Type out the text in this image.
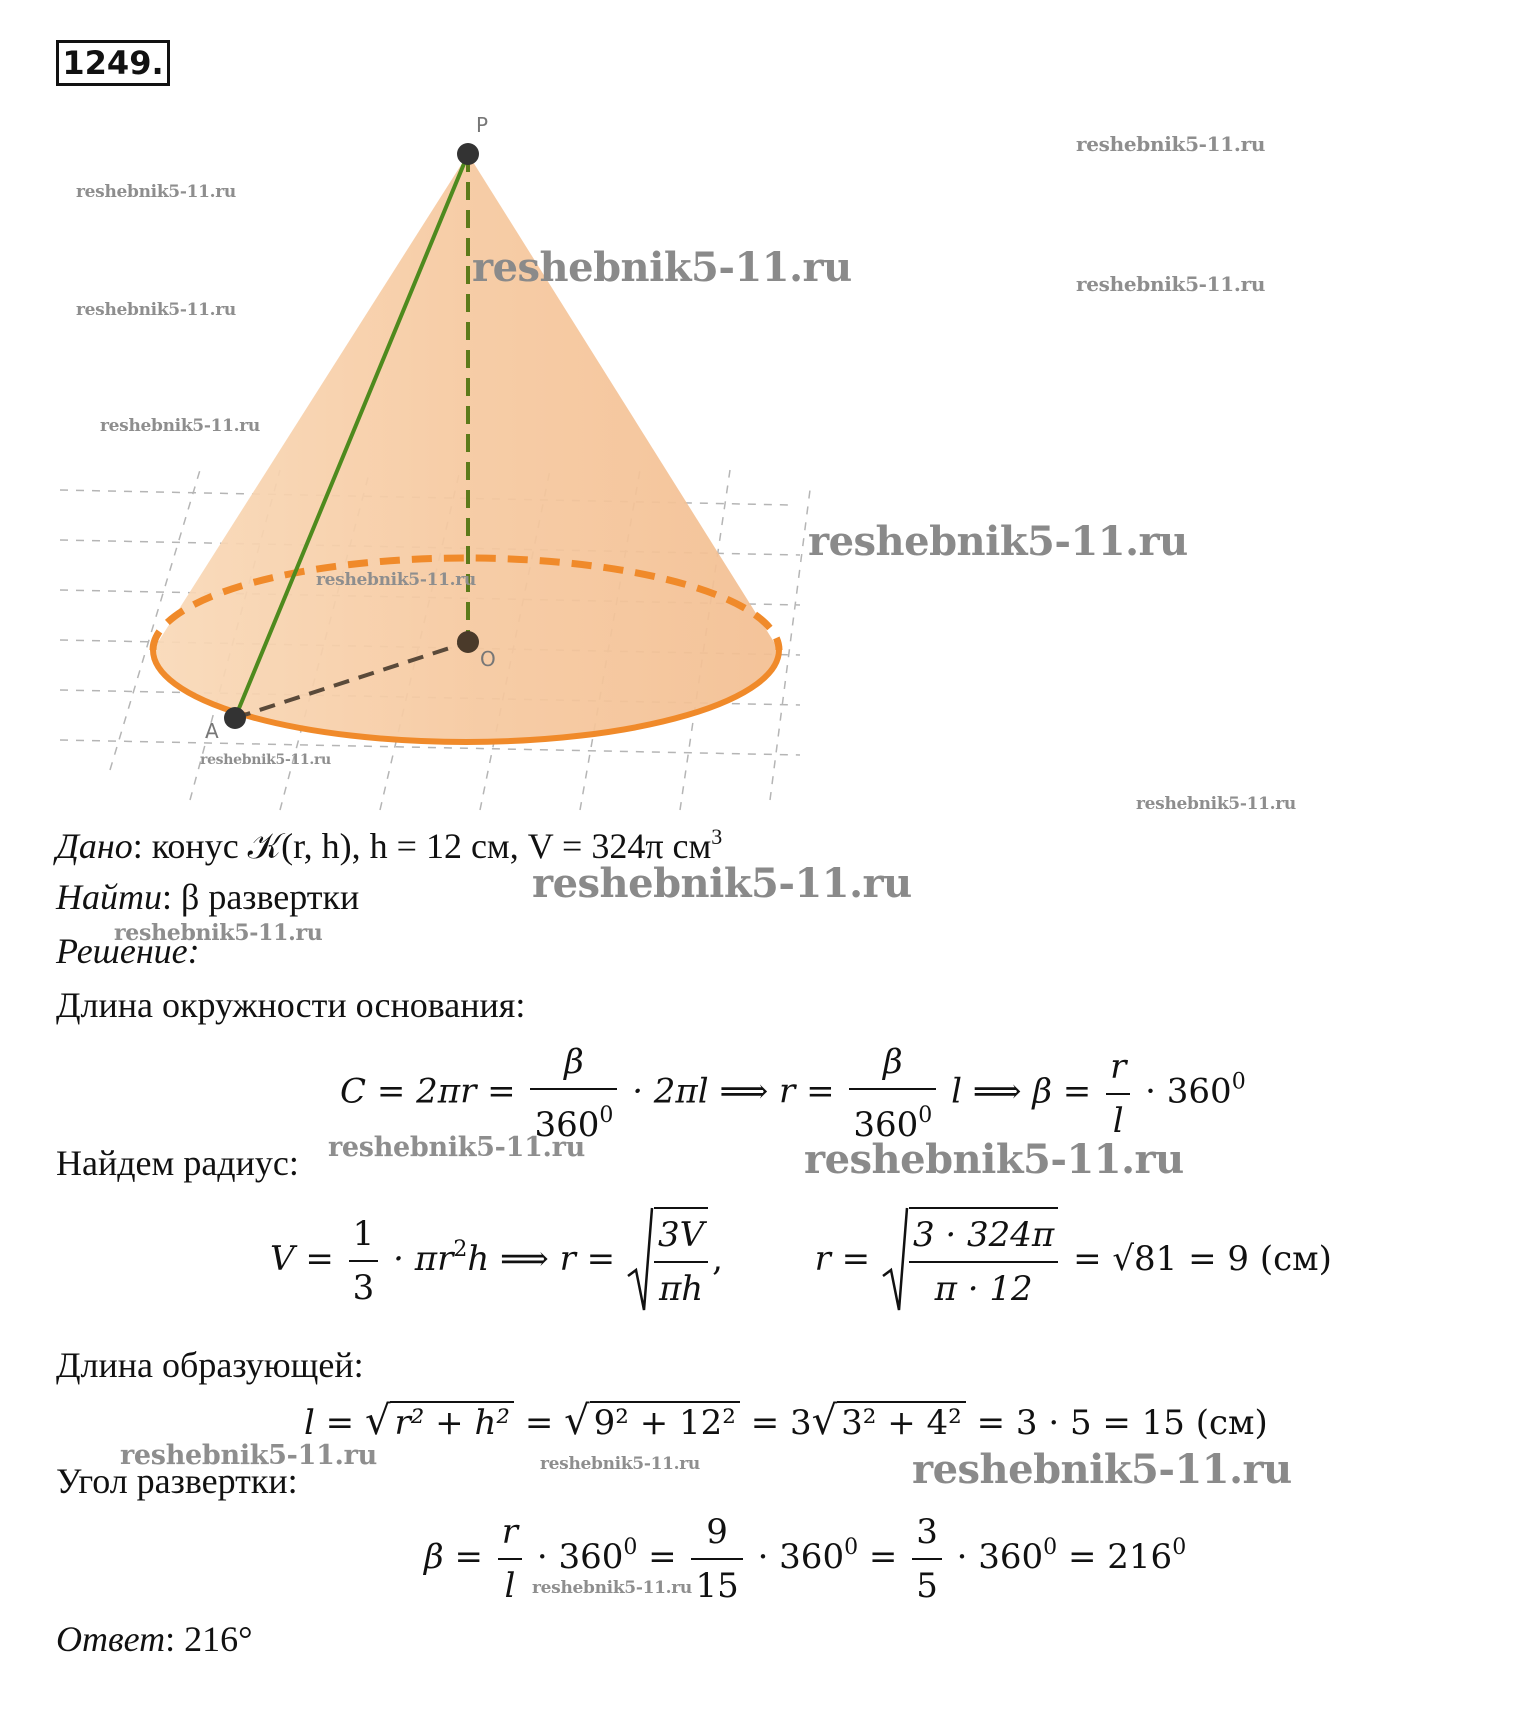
1249.
P
O
A
reshebnik5-11.ru
reshebnik5-11.ru
reshebnik5-11.ru	reshebnik5-11.ru
reshebnik5-11.ru
reshebnik5-11.ru
reshebnik5-11.ru
reshebnik5-11.ru
reshebnik5-11.ru
reshebnik5-11.ru
reshebnik5-11.ru
reshebnik5-11.ru
reshebnik5-11.ru	reshebnik5-11.ru
reshebnik5-11.ru	reshebnik5-11.ru	reshebnik5-11.ru
reshebnik5-11.ru
Дано: конус 𝒦(r, h), h = 12 см, V = 324π $см^3$
Найти: β развертки
Решение:
Длина окружности основания:
$C = 2\pi r = \frac{\beta}{360^0} \cdot 2\pi l$ ⟹ $r = \frac{\beta}{360^0}$ l ⟹ $\beta = \frac{r}{l} \cdot 360^0$
Найдем радиус:
$V = \frac{1}{3} \cdot \pi r^2h$ ⟹ $r = \frac{3V}{\pi h}$ ,	$r = \frac{3 \cdot 324\pi}{\pi \cdot 12} = √81 = 9$ (см)
Длина образующей:
l = √ r² + h² = √ 9² + 12² = 3√ 3² + 4² = 3 · 5 = 15 (см)
Угол развертки:
$\beta = \frac{r}{l} \cdot 360^0 = \frac{9}{15} \cdot 360^0 = \frac{3}{5} \cdot 360^0 = 216^0$
Ответ: 216°
